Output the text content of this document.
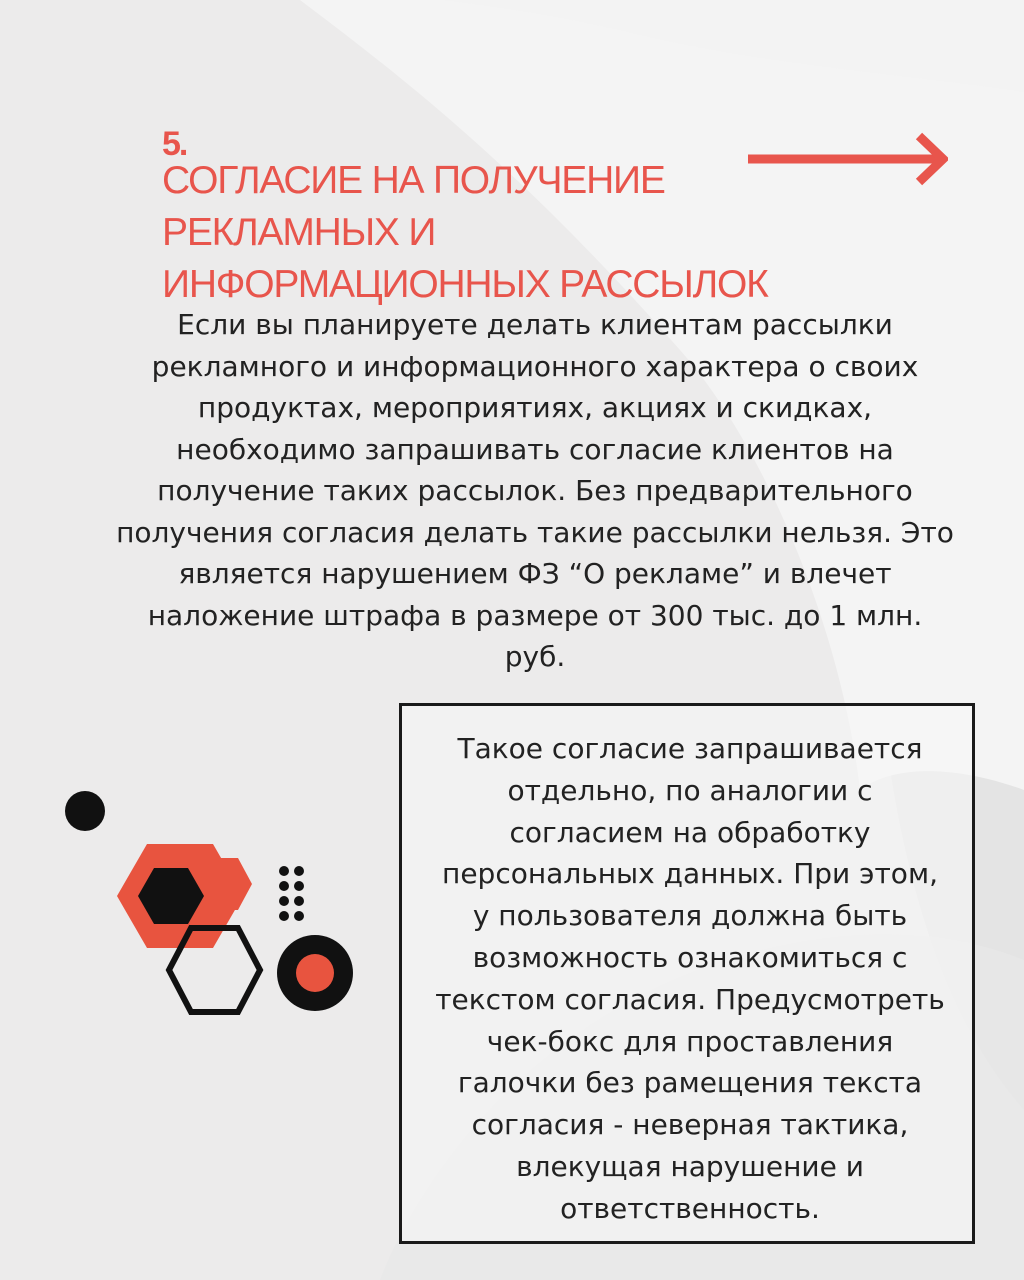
5.
СОГЛАСИЕ НА ПОЛУЧЕНИЕ
РЕКЛАМНЫХ И
ИНФОРМАЦИОННЫХ РАССЫЛОК

Если вы планируете делать клиентам рассылки
рекламного и информационного характера о своих
продуктах, мероприятиях, акциях и скидках,
необходимо запрашивать согласие клиентов на
получение таких рассылок. Без предварительного
получения согласия делать такие рассылки нельзя. Это
является нарушением ФЗ “О рекламе” и влечет
наложение штрафа в размере от 300 тыс. до 1 млн.
руб.

Такое согласие запрашивается
отдельно, по аналогии с
согласием на обработку
персональных данных. При этом,
у пользователя должна быть
возможность ознакомиться с
текстом согласия. Предусмотреть
чек-бокс для проставления
галочки без рамещения текста
согласия - неверная тактика,
влекущая нарушение и
ответственность.
